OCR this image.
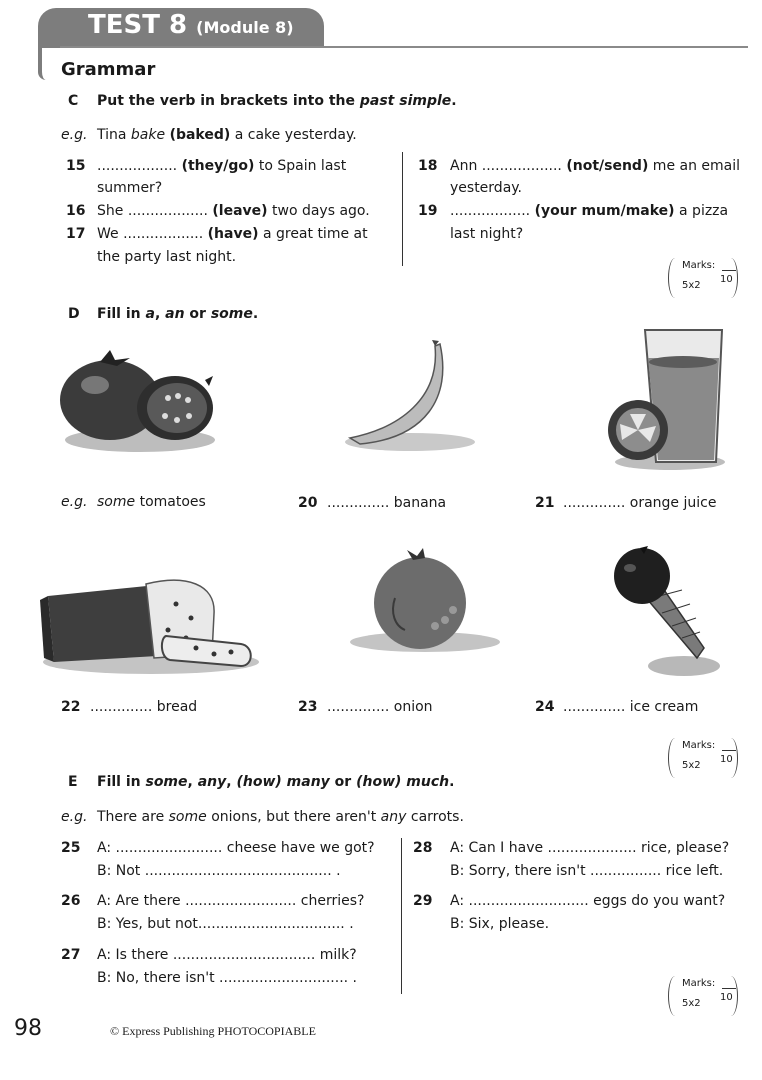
TEST 8 (Module 8)
Grammar
C Put the verb in brackets into the past simple.
e.g. Tina bake (baked) a cake yesterday.
15 .................. (they/go) to Spain last
summer?
16 She .................. (leave) two days ago.
17 We .................. (have) a great time at
the party last night.
18 Ann .................. (not/send) me an email
yesterday.
19 .................. (your mum/make) a pizza
last night?
Marks:
10
5x2
D Fill in a, an or some.
e.g. some tomatoes	20 .............. banana	21 .............. orange juice
22 .............. bread	23 .............. onion	24 .............. ice cream
Marks:
10
5x2
E Fill in some, any, (how) many or (how) much.
e.g. There are some onions, but there aren't any carrots.
25 A: ........................ cheese have we got?
B: Not .......................................... .
26 A: Are there ......................... cherries?
B: Yes, but not................................. .
27 A: Is there ................................ milk?
B: No, there isn't ............................. .
28 A: Can I have .................... rice, please?
B: Sorry, there isn't ................ rice left.
29 A: ........................... eggs do you want?
B: Six, please.
Marks:
10
5x2
98	© Express Publishing PHOTOCOPIABLE
